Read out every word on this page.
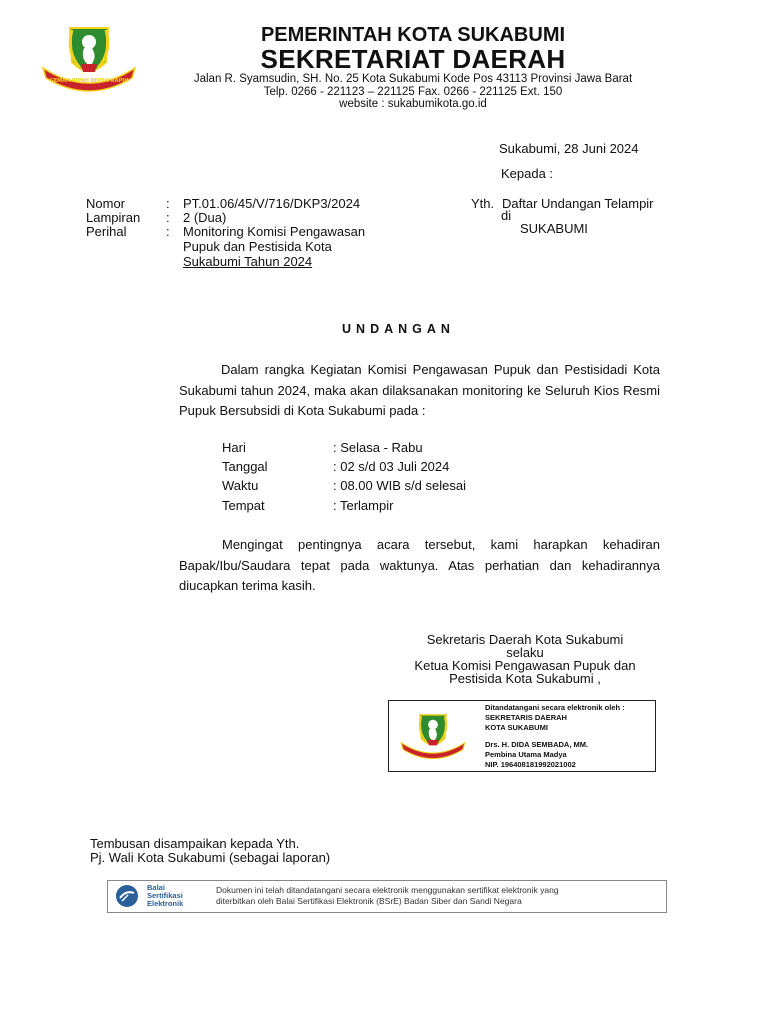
GEMAH RIPAH REPEH RAPIH
PEMERINTAH KOTA SUKABUMI
SEKRETARIAT DAERAH
Jalan R. Syamsudin, SH. No. 25 Kota Sukabumi Kode Pos 43113 Provinsi Jawa Barat
Telp. 0266 - 221123 – 221125 Fax. 0266 - 221125 Ext. 150
website : sukabumikota.go.id
Sukabumi, 28 Juni 2024
Kepada :
Yth. Daftar Undangan Telampir
di
SUKABUMI
Nomor	: PT.01.06/45/V/716/DKP3/2024
Lampiran : 2 (Dua)
Perihal	: Monitoring Komisi Pengawasan
Pupuk dan Pestisida Kota
Sukabumi Tahun 2024
UNDANGAN
Dalam rangka Kegiatan Komisi Pengawasan Pupuk dan Pestisidadi Kota Sukabumi tahun 2024, maka akan dilaksanakan monitoring ke Seluruh Kios Resmi Pupuk Bersubsidi di Kota Sukabumi pada :
Hari	: Selasa - Rabu
Tanggal	: 02 s/d 03 Juli 2024
Waktu	: 08.00 WIB s/d selesai
Tempat	: Terlampir
Mengingat pentingnya acara tersebut, kami harapkan kehadiran Bapak/Ibu/Saudara tepat pada waktunya. Atas perhatian dan kehadirannya diucapkan terima kasih.
Sekretaris Daerah Kota Sukabumi
selaku
Ketua Komisi Pengawasan Pupuk dan
Pestisida Kota Sukabumi ,
Ditandatangani secara elektronik oleh :
SEKRETARIS DAERAH
KOTA SUKABUMI
Drs. H. DIDA SEMBADA, MM.
Pembina Utama Madya
NIP. 196408181992021002
Tembusan disampaikan kepada Yth.
Pj. Wali Kota Sukabumi (sebagai laporan)
Balai
Sertifikasi
Elektronik
Dokumen ini telah ditandatangani secara elektronik menggunakan sertifikat elektronik yang
diterbitkan oleh Balai Sertifikasi Elektronik (BSrE) Badan Siber dan Sandi Negara
